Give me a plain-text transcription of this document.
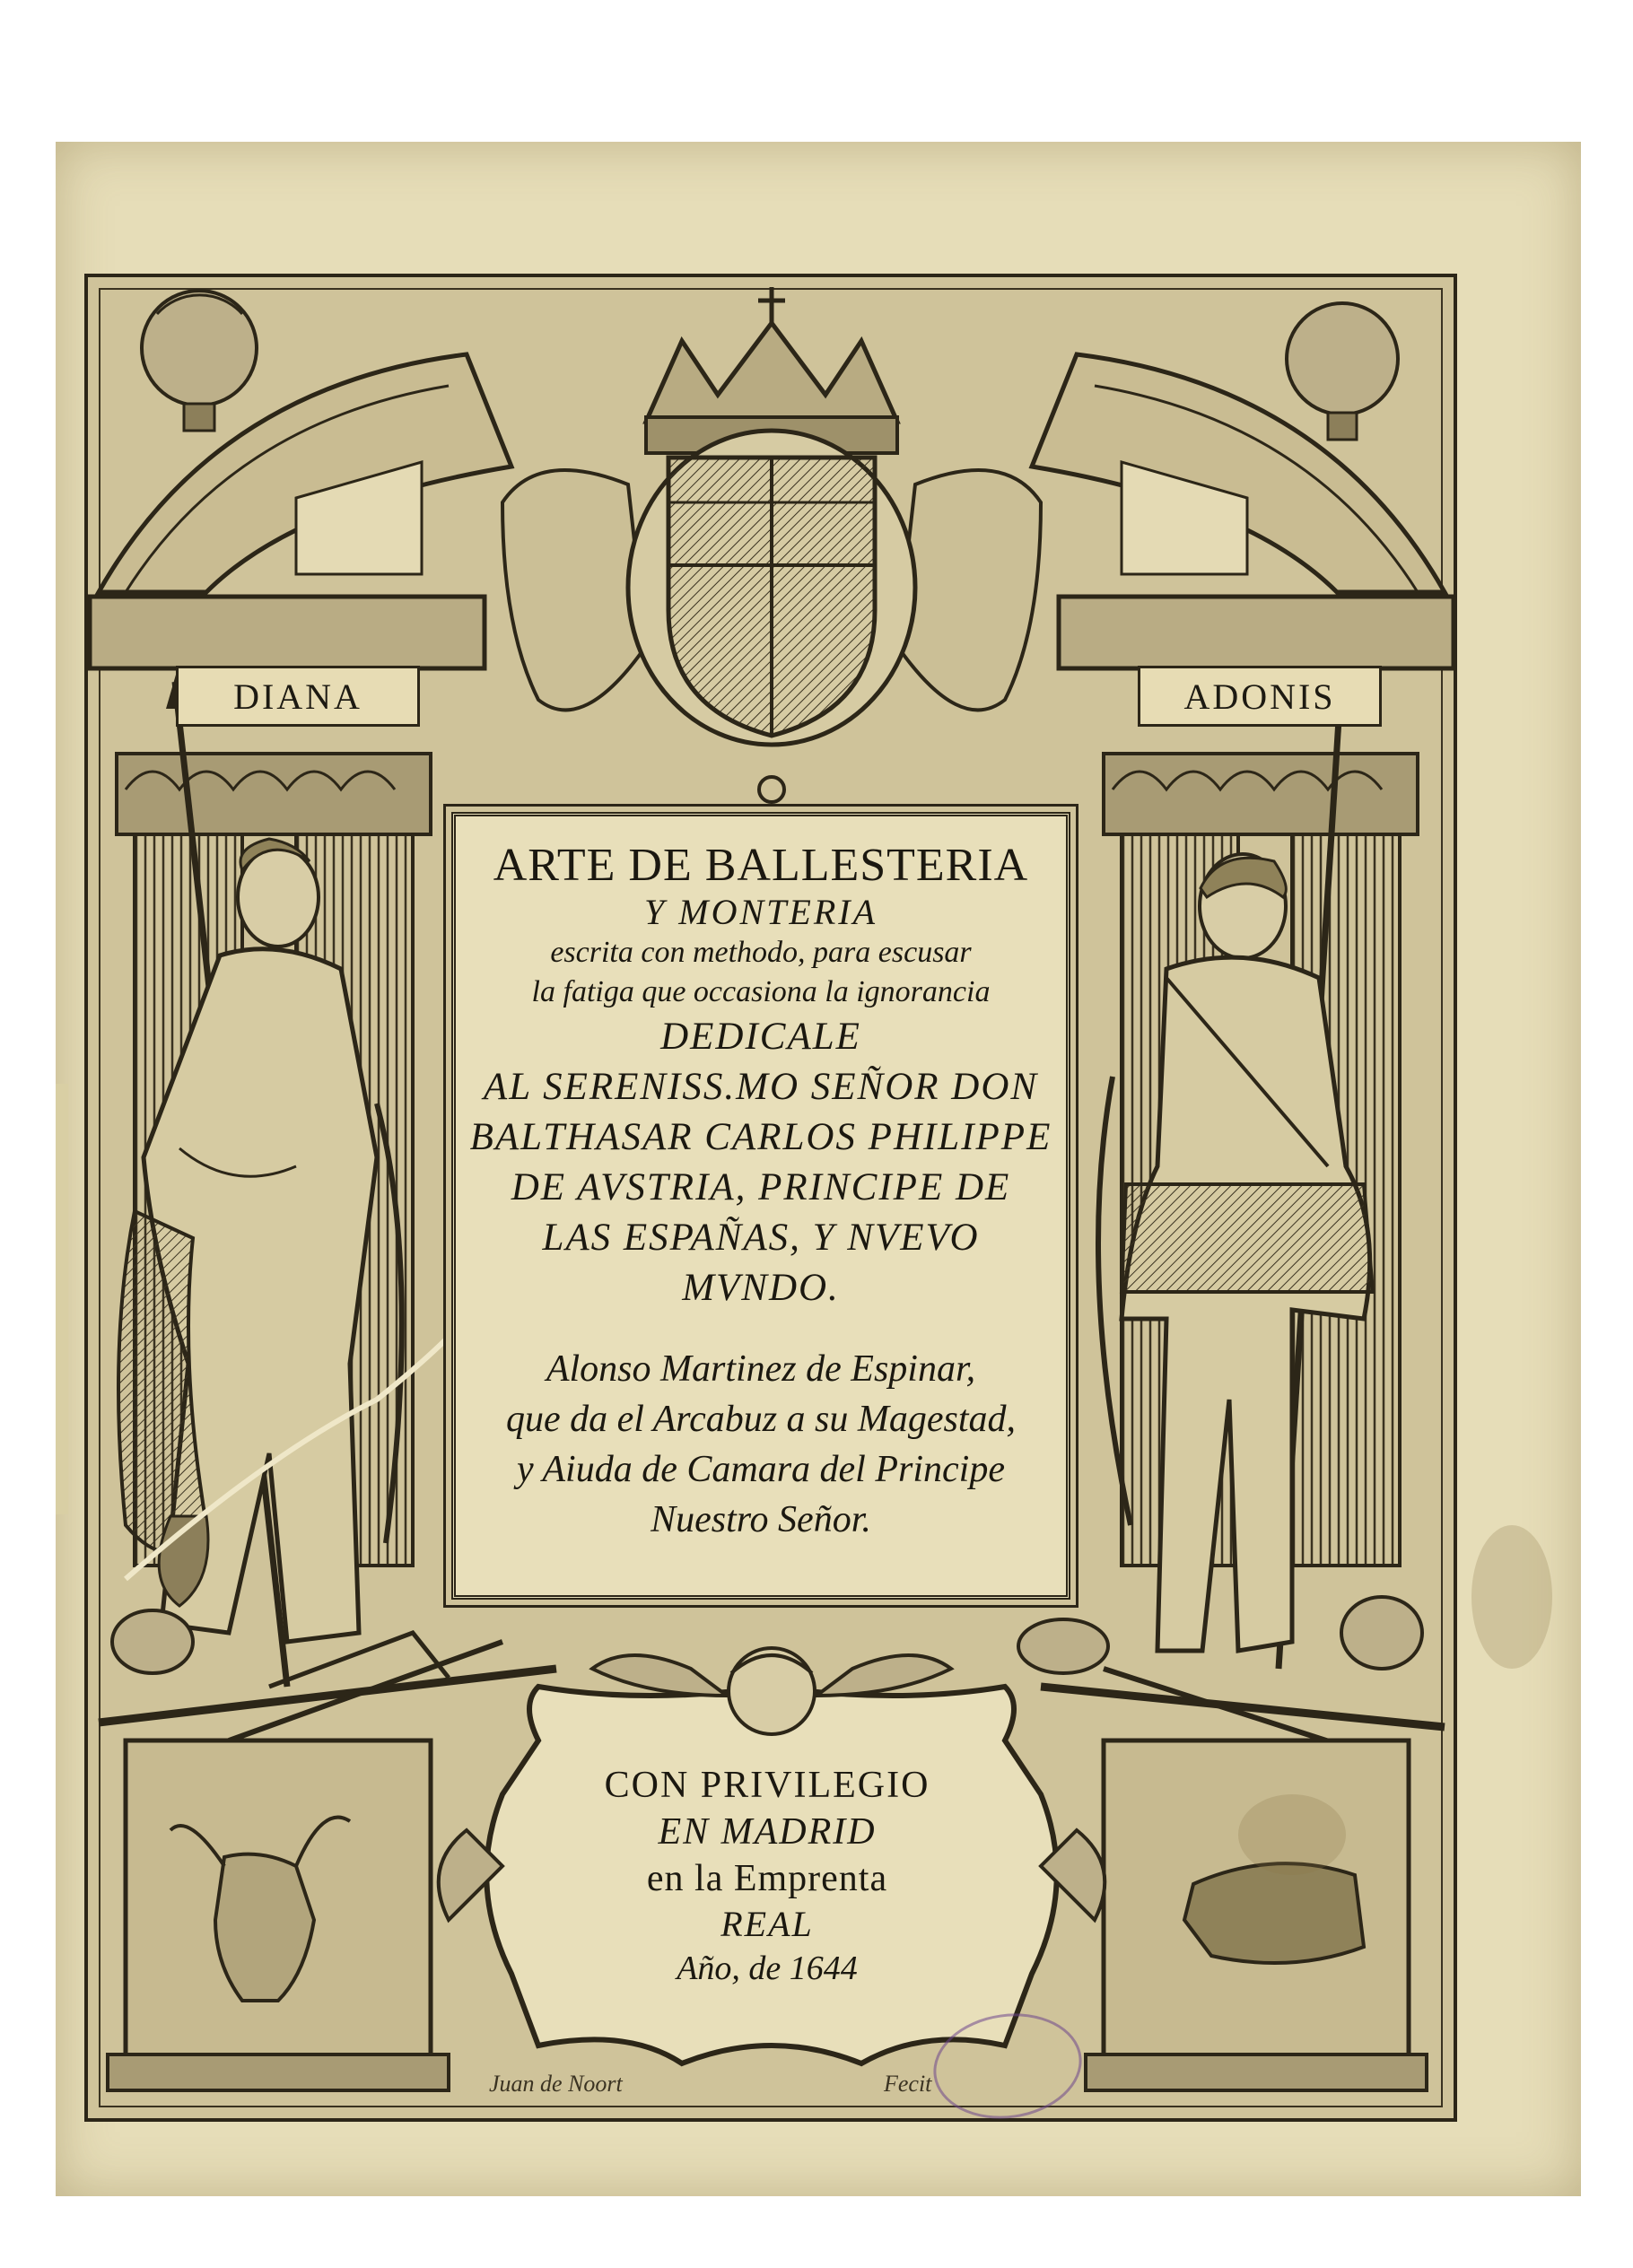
DIANA	ADONIS
ARTE DE BALLESTERIA
Y MONTERIA
escrita con methodo, para escusar
la fatiga que occasiona la ignorancia
DEDICALE
AL SERENISS.MO SEÑOR DON
BALTHASAR CARLOS PHILIPPE
DE AVSTRIA, PRINCIPE DE
LAS ESPAÑAS, Y NVEVO
MVNDO.
Alonso Martinez de Espinar,
que da el Arcabuz a su Magestad,
y Aiuda de Camara del Principe
Nuestro Señor.
CON PRIVILEGIO
EN MADRID
en la Emprenta
REAL
Año, de 1644
Juan de Noort	Fecit
